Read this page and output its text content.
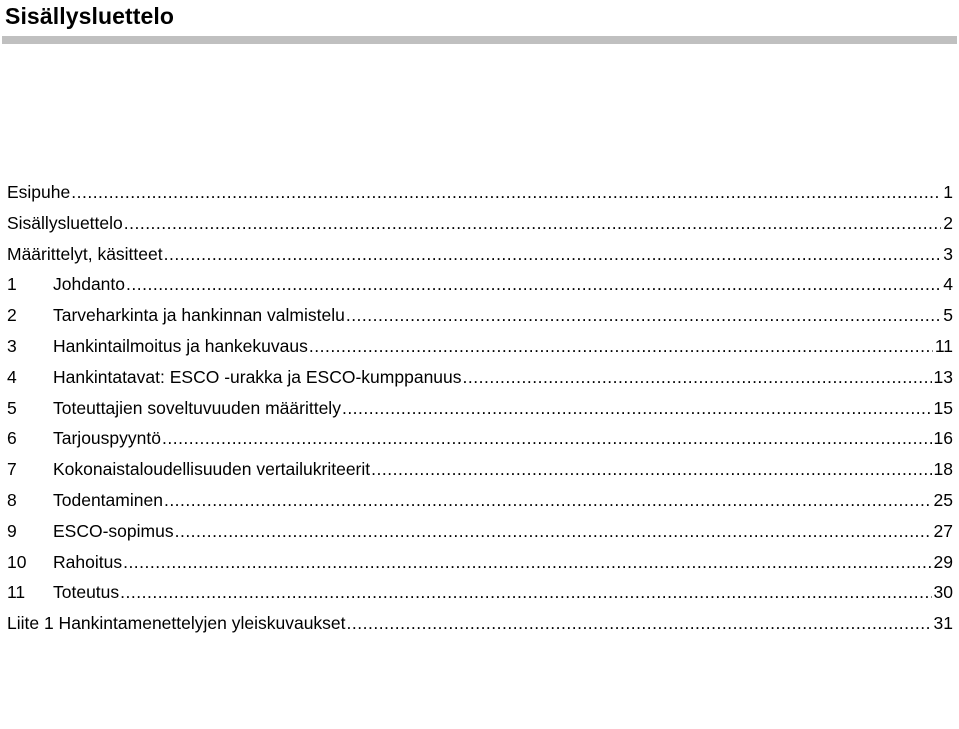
Sisällysluettelo
Esipuhe .....	1
Sisällysluettelo .....	2
Määrittelyt, käsitteet .....	3
1	Johdanto .....	4
2	Tarveharkinta ja hankinnan valmistelu .....	5
3	Hankintailmoitus ja hankekuvaus .....	11
4	Hankintatavat: ESCO -urakka ja ESCO-kumppanuus .....	13
5	Toteuttajien soveltuvuuden määrittely .....	15
6	Tarjouspyyntö .....	16
7	Kokonaistaloudellisuuden vertailukriteerit .....	18
8	Todentaminen .....	25
9	ESCO-sopimus .....	27
10	Rahoitus .....	29
11	Toteutus .....	30
Liite 1 Hankintamenettelyjen yleiskuvaukset .....	31
